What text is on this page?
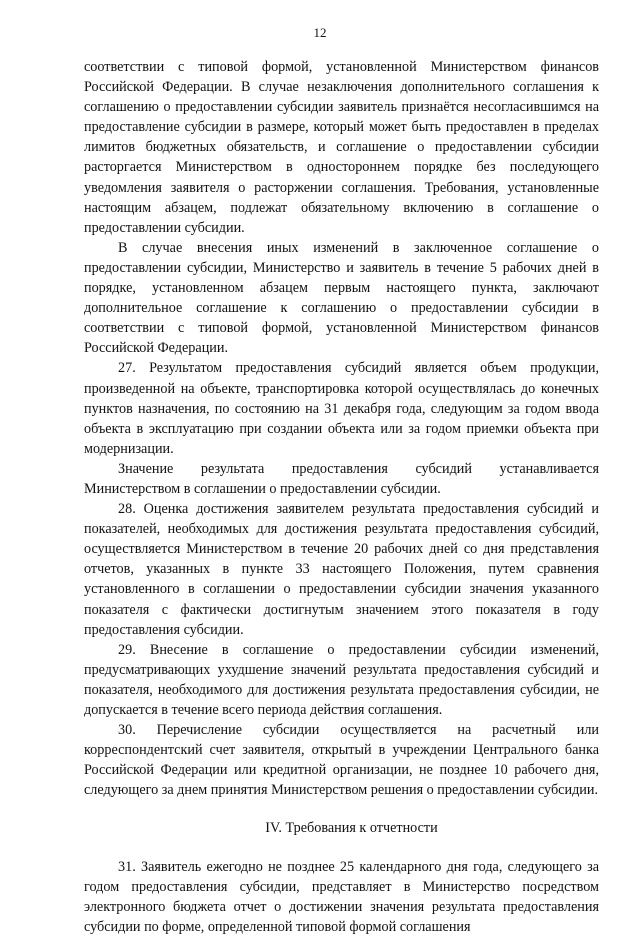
12

соответствии с типовой формой, установленной Министерством финансов Российской Федерации. В случае незаключения дополнительного соглашения к соглашению о предоставлении субсидии заявитель признаётся несогласившимся на предоставление субсидии в размере, который может быть предоставлен в пределах лимитов бюджетных обязательств, и соглашение о предоставлении субсидии расторгается Министерством в одностороннем порядке без последующего уведомления заявителя о расторжении соглашения. Требования, установленные настоящим абзацем, подлежат обязательному включению в соглашение о предоставлении субсидии.

В случае внесения иных изменений в заключенное соглашение о предоставлении субсидии, Министерство и заявитель в течение 5 рабочих дней в порядке, установленном абзацем первым настоящего пункта, заключают дополнительное соглашение к соглашению о предоставлении субсидии в соответствии с типовой формой, установленной Министерством финансов Российской Федерации.

27. Результатом предоставления субсидий является объем продукции, произведенной на объекте, транспортировка которой осуществлялась до конечных пунктов назначения, по состоянию на 31 декабря года, следующим за годом ввода объекта в эксплуатацию при создании объекта или за годом приемки объекта при модернизации.

Значение результата предоставления субсидий устанавливается Министерством в соглашении о предоставлении субсидии.

28. Оценка достижения заявителем результата предоставления субсидий и показателей, необходимых для достижения результата предоставления субсидий, осуществляется Министерством в течение 20 рабочих дней со дня представления отчетов, указанных в пункте 33 настоящего Положения, путем сравнения установленного в соглашении о предоставлении субсидии значения указанного показателя с фактически достигнутым значением этого показателя в году предоставления субсидии.

29. Внесение в соглашение о предоставлении субсидии изменений, предусматривающих ухудшение значений результата предоставления субсидий и показателя, необходимого для достижения результата предоставления субсидии, не допускается в течение всего периода действия соглашения.

30. Перечисление субсидии осуществляется на расчетный или корреспондентский счет заявителя, открытый в учреждении Центрального банка Российской Федерации или кредитной организации, не позднее 10 рабочего дня, следующего за днем принятия Министерством решения о предоставлении субсидии.

IV. Требования к отчетности

31. Заявитель ежегодно не позднее 25 календарного дня года, следующего за годом предоставления субсидии, представляет в Министерство посредством электронного бюджета отчет о достижении значения результата предоставления субсидии по форме, определенной типовой формой соглашения
